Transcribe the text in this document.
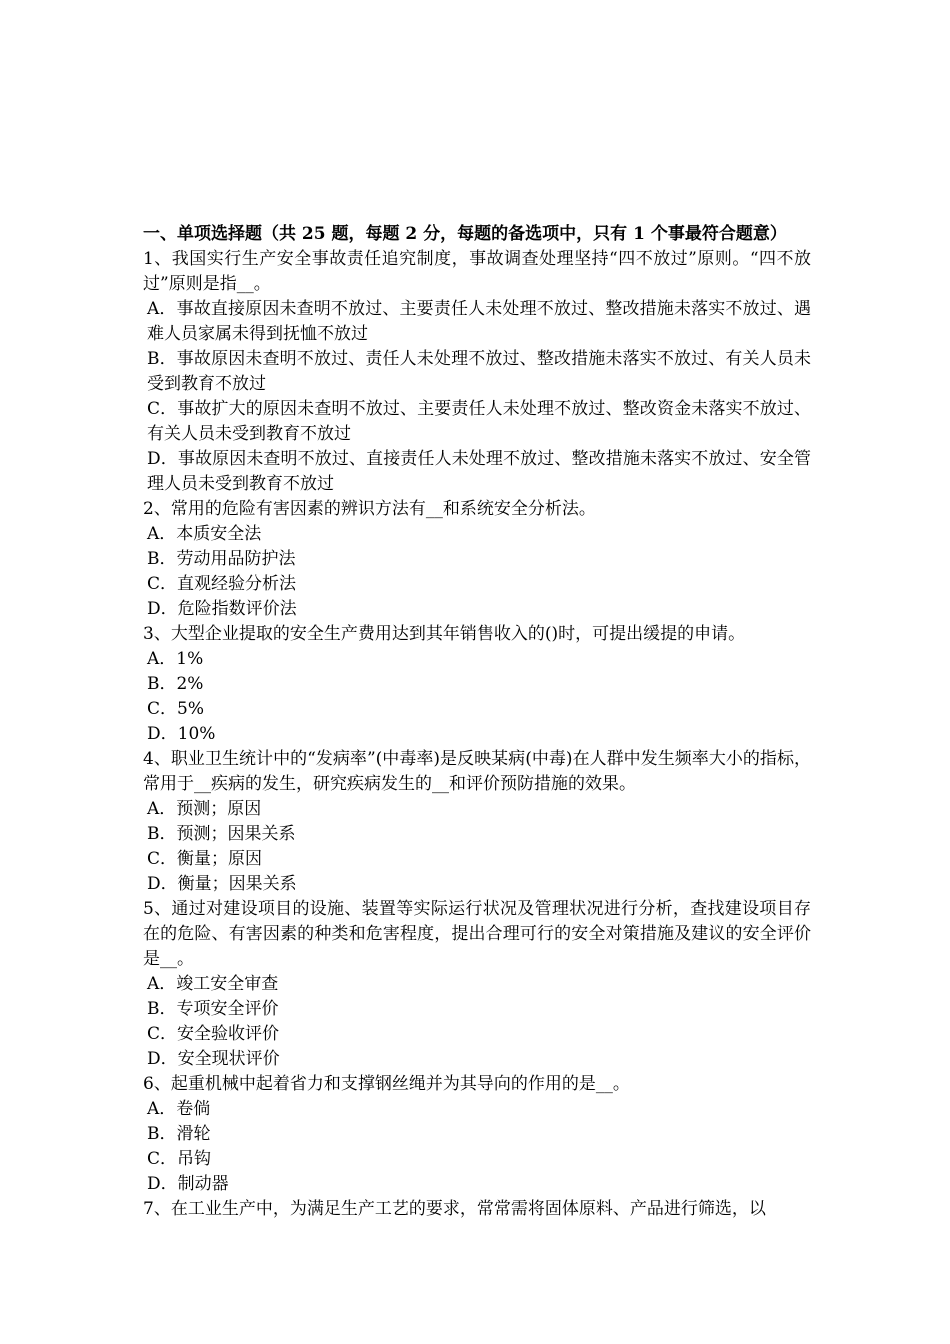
一、单项选择题（共 25 题，每题 2 分，每题的备选项中，只有 1 个事最符合题意）
1、我国实行生产安全事故责任追究制度，事故调查处理坚持“四不放过”原则。“四不放过”原则是指__。
A．事故直接原因未查明不放过、主要责任人未处理不放过、整改措施未落实不放过、遇难人员家属未得到抚恤不放过
B．事故原因未查明不放过、责任人未处理不放过、整改措施未落实不放过、有关人员未受到教育不放过
C．事故扩大的原因未查明不放过、主要责任人未处理不放过、整改资金未落实不放过、有关人员未受到教育不放过
D．事故原因未查明不放过、直接责任人未处理不放过、整改措施未落实不放过、安全管理人员未受到教育不放过
2、常用的危险有害因素的辨识方法有__和系统安全分析法。
A．本质安全法
B．劳动用品防护法
C．直观经验分析法
D．危险指数评价法
3、大型企业提取的安全生产费用达到其年销售收入的()时，可提出缓提的申请。
A．1%
B．2%
C．5%
D．10%
4、职业卫生统计中的“发病率”(中毒率)是反映某病(中毒)在人群中发生频率大小的指标，常用于__疾病的发生，研究疾病发生的__和评价预防措施的效果。
A．预测；原因
B．预测；因果关系
C．衡量；原因
D．衡量；因果关系
5、通过对建设项目的设施、装置等实际运行状况及管理状况进行分析，查找建设项目存在的危险、有害因素的种类和危害程度，提出合理可行的安全对策措施及建议的安全评价是__。
A．竣工安全审查
B．专项安全评价
C．安全验收评价
D．安全现状评价
6、起重机械中起着省力和支撑钢丝绳并为其导向的作用的是__。
A．卷倘
B．滑轮
C．吊钩
D．制动器
7、在工业生产中，为满足生产工艺的要求，常常需将固体原料、产品进行筛选，以
